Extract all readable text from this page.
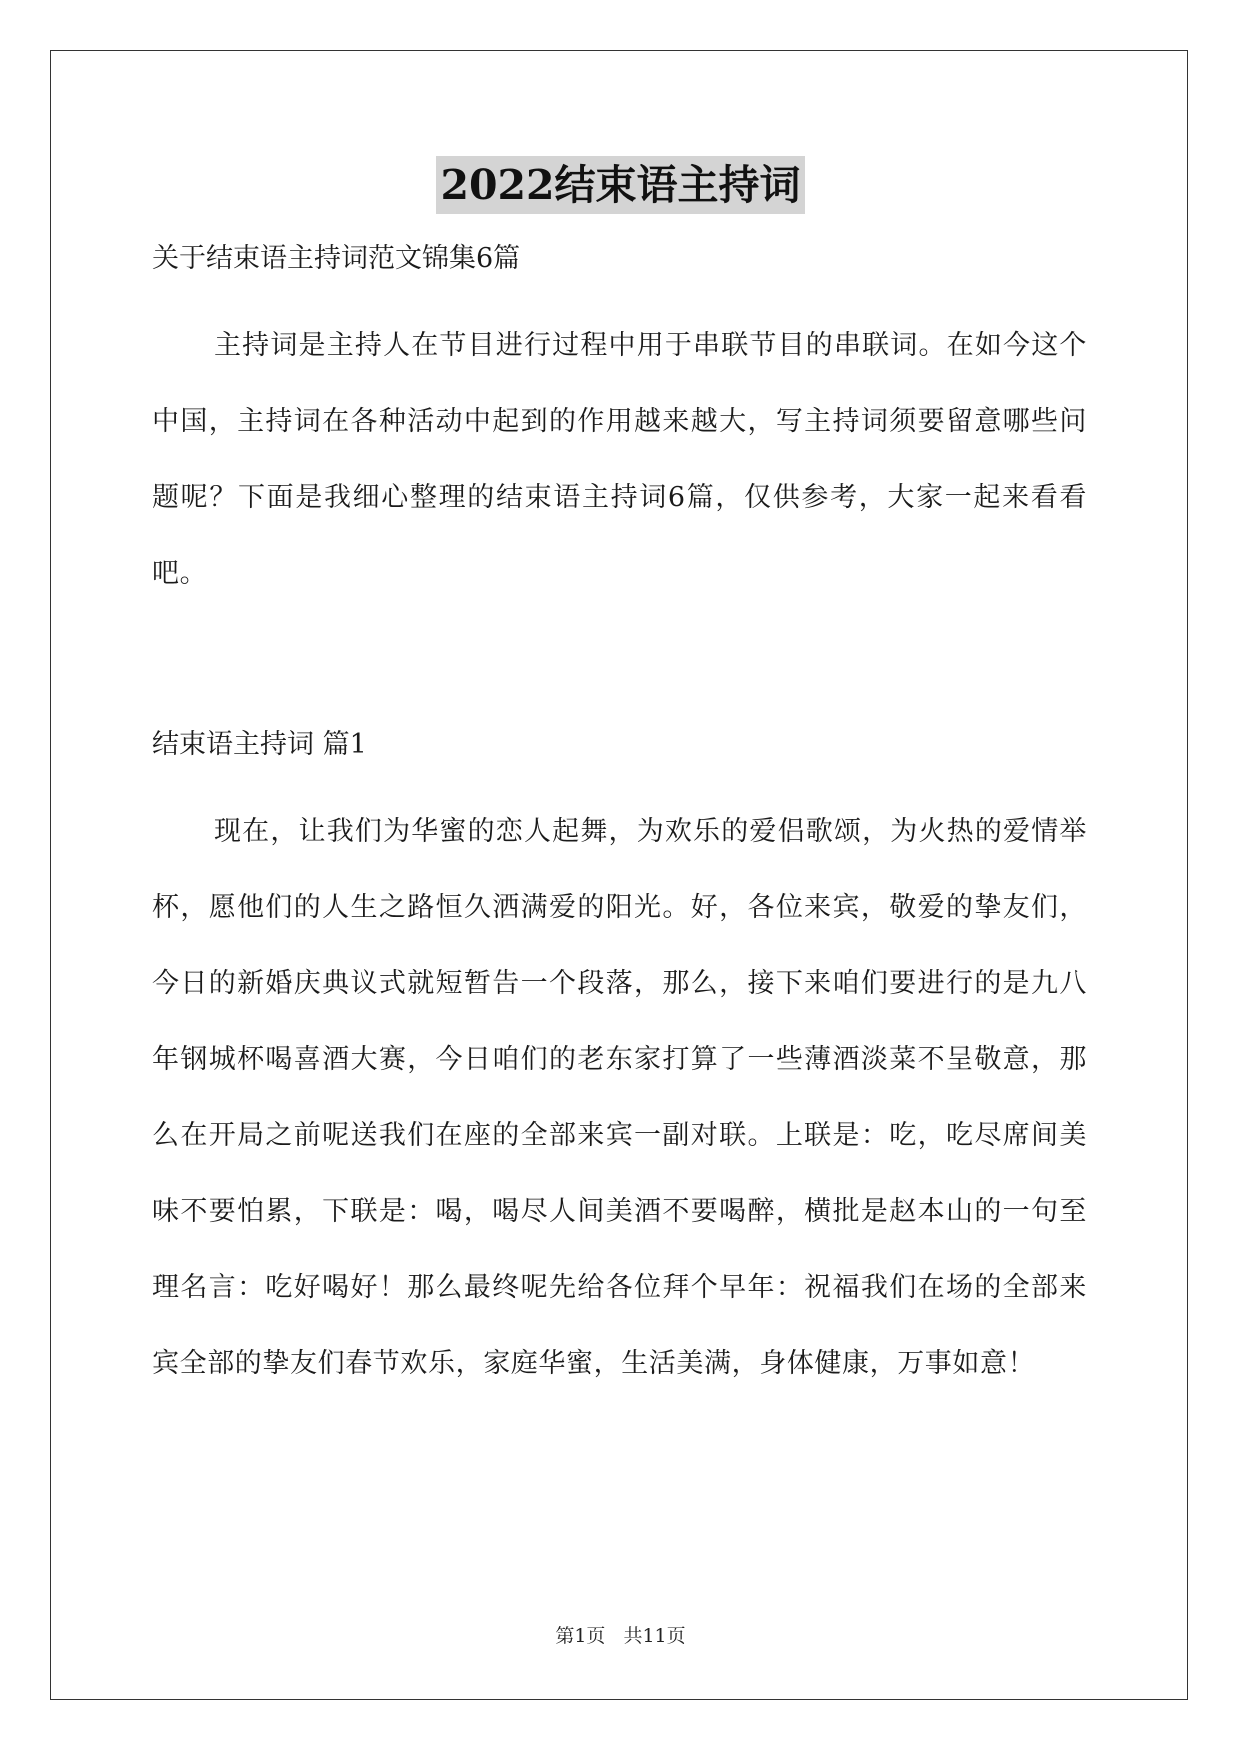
2022结束语主持词

关于结束语主持词范文锦集6篇

主持词是主持人在节目进行过程中用于串联节目的串联词。在如今这个中国，主持词在各种活动中起到的作用越来越大，写主持词须要留意哪些问题呢？下面是我细心整理的结束语主持词6篇，仅供参考，大家一起来看看吧。

结束语主持词 篇1

现在，让我们为华蜜的恋人起舞，为欢乐的爱侣歌颂，为火热的爱情举杯，愿他们的人生之路恒久洒满爱的阳光。好，各位来宾，敬爱的挚友们，今日的新婚庆典议式就短暂告一个段落，那么，接下来咱们要进行的是九八年钢城杯喝喜酒大赛，今日咱们的老东家打算了一些薄酒淡菜不呈敬意，那么在开局之前呢送我们在座的全部来宾一副对联。上联是：吃，吃尽席间美味不要怕累，下联是：喝，喝尽人间美酒不要喝醉，横批是赵本山的一句至理名言：吃好喝好！那么最终呢先给各位拜个早年：祝福我们在场的全部来宾全部的挚友们春节欢乐，家庭华蜜，生活美满，身体健康，万事如意！

第1页 共11页
